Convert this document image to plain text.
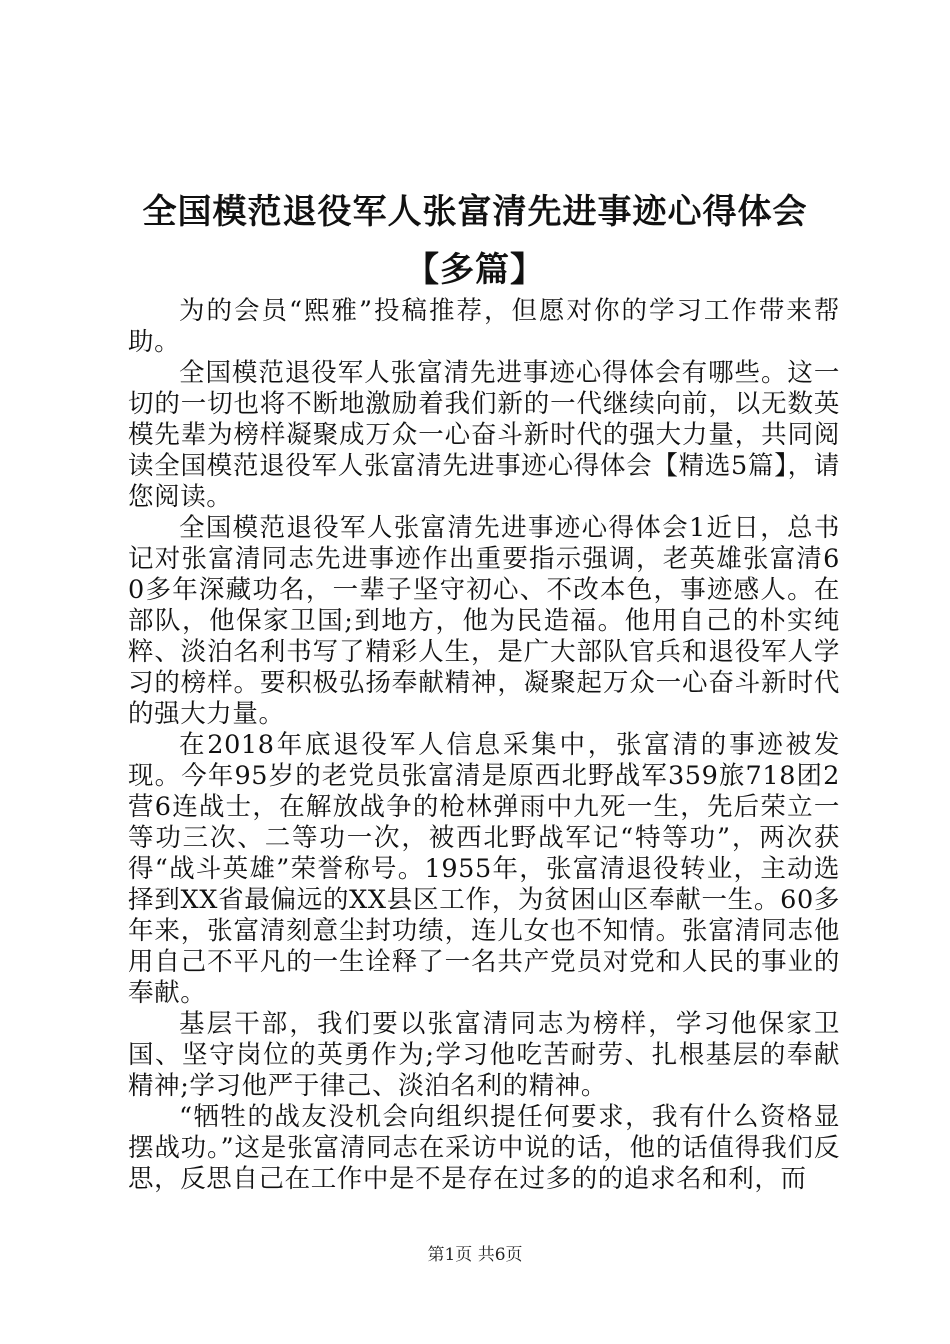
全国模范退役军人张富清先进事迹心得体会
【多篇】

为的会员“熙雅”投稿推荐，但愿对你的学习工作带来帮助。

全国模范退役军人张富清先进事迹心得体会有哪些。这一切的一切也将不断地激励着我们新的一代继续向前，以无数英模先辈为榜样凝聚成万众一心奋斗新时代的强大力量，共同阅读全国模范退役军人张富清先进事迹心得体会【精选5篇】，请您阅读。

全国模范退役军人张富清先进事迹心得体会1近日，总书记对张富清同志先进事迹作出重要指示强调，老英雄张富清60多年深藏功名，一辈子坚守初心、不改本色，事迹感人。在部队，他保家卫国;到地方，他为民造福。他用自己的朴实纯粹、淡泊名利书写了精彩人生，是广大部队官兵和退役军人学习的榜样。要积极弘扬奉献精神，凝聚起万众一心奋斗新时代的强大力量。

在2018年底退役军人信息采集中，张富清的事迹被发现。今年95岁的老党员张富清是原西北野战军359旅718团2营6连战士，在解放战争的枪林弹雨中九死一生，先后荣立一等功三次、二等功一次，被西北野战军记“特等功”，两次获得“战斗英雄”荣誉称号。1955年，张富清退役转业，主动选择到XX省最偏远的XX县区工作，为贫困山区奉献一生。60多年来，张富清刻意尘封功绩，连儿女也不知情。张富清同志他用自己不平凡的一生诠释了一名共产党员对党和人民的事业的奉献。

基层干部，我们要以张富清同志为榜样，学习他保家卫国、坚守岗位的英勇作为;学习他吃苦耐劳、扎根基层的奉献精神;学习他严于律己、淡泊名利的精神。

“牺牲的战友没机会向组织提任何要求，我有什么资格显摆战功。”这是张富清同志在采访中说的话，他的话值得我们反思，反思自己在工作中是不是存在过多的的追求名和利，而

第1页 共6页
